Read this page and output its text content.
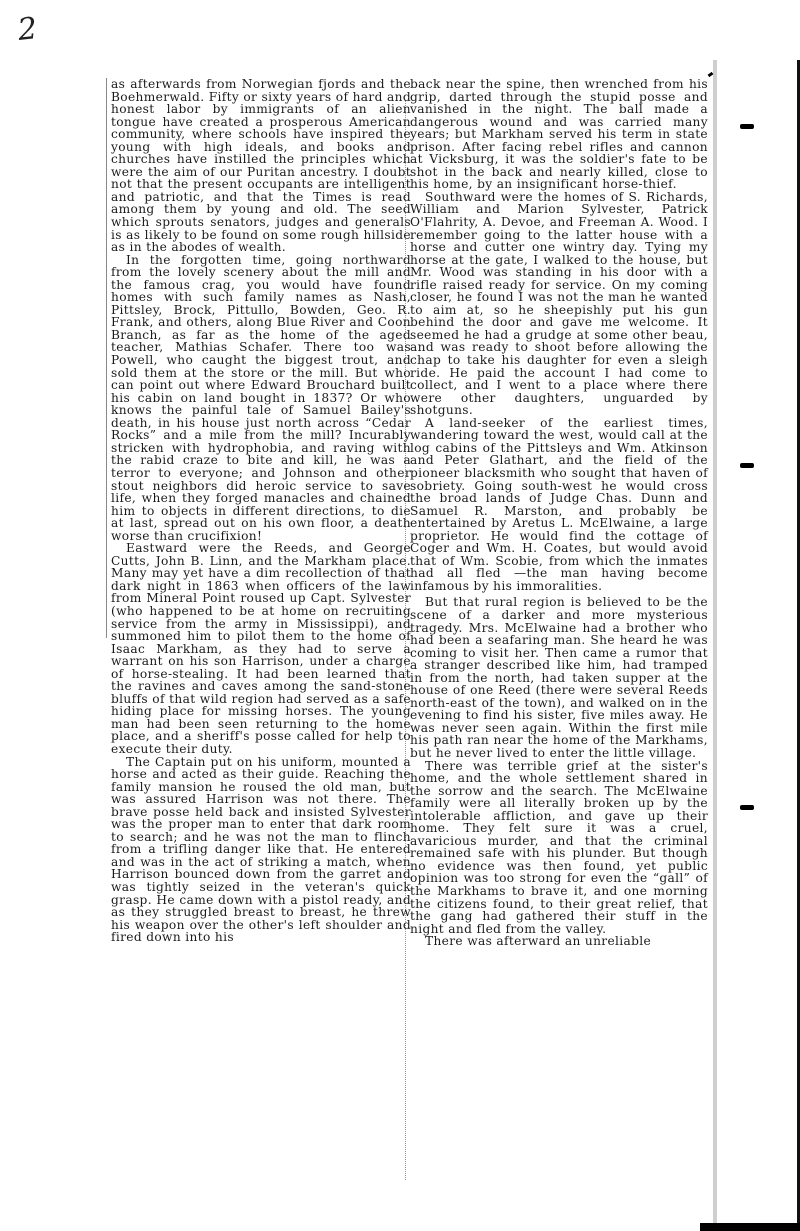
2

as afterwards from Norwegian fjords and the Boehmerwald. Fifty or sixty years of hard and honest labor by immigrants of an alien tongue have created a prosperous American community, where schools have inspired the young with high ideals, and books and churches have instilled the principles which were the aim of our Puritan ancestry. I doubt not that the present occupants are intelligent and patriotic, and that the Times is read among them by young and old. The seed which sprouts senators, judges and generals is as likely to be found on some rough hillside as in the abodes of wealth.

In the forgotten time, going northward from the lovely scenery about the mill and the famous crag, you would have found homes with such family names as Nash, Pittsley, Brock, Pittullo, Bowden, Geo. R. Frank, and others, along Blue River and Coon Branch, as far as the home of the aged teacher, Mathias Schafer. There too was Powell, who caught the biggest trout, and sold them at the store or the mill. But who can point out where Edward Brouchard built his cabin on land bought in 1837? Or who knows the painful tale of Samuel Bailey's death, in his house just north across “Cedar Rocks” and a mile from the mill? Incurably stricken with hydrophobia, and raving with the rabid craze to bite and kill, he was a terror to everyone; and Johnson and other stout neighbors did heroic service to save life, when they forged manacles and chained him to objects in different directions, to die at last, spread out on his own floor, a death worse than crucifixion!

Eastward were the Reeds, and George Cutts, John B. Linn, and the Markham place. Many may yet have a dim recollection of that dark night in 1863 when officers of the law from Mineral Point roused up Capt. Sylvester (who happened to be at home on recruiting service from the army in Mississippi), and summoned him to pilot them to the home of Isaac Markham, as they had to serve a warrant on his son Harrison, under a charge of horse-stealing. It had been learned that the ravines and caves among the sand-stone bluffs of that wild region had served as a safe hiding place for missing horses. The young man had been seen returning to the home place, and a sheriff's posse called for help to execute their duty.

The Captain put on his uniform, mounted a horse and acted as their guide. Reaching the family mansion he roused the old man, but was assured Harrison was not there. The brave posse held back and insisted Sylvester was the proper man to enter that dark room to search; and he was not the man to flinch from a trifling danger like that. He entered and was in the act of striking a match, when Harrison bounced down from the garret and was tightly seized in the veteran's quick grasp. He came down with a pistol ready, and as they struggled breast to breast, he threw his weapon over the other's left shoulder and fired down into his

back near the spine, then wrenched from his grip, darted through the stupid posse and vanished in the night. The ball made a dangerous wound and was carried many years; but Markham served his term in state prison. After facing rebel rifles and cannon at Vicksburg, it was the soldier's fate to be shot in the back and nearly killed, close to his home, by an insignificant horse-thief.

Southward were the homes of S. Richards, William and Marion Sylvester, Patrick O'Flahrity, A. Devoe, and Freeman A. Wood. I remember going to the latter house with a horse and cutter one wintry day. Tying my horse at the gate, I walked to the house, but Mr. Wood was standing in his door with a rifle raised ready for service. On my coming closer, he found I was not the man he wanted to aim at, so he sheepishly put his gun behind the door and gave me welcome. It seemed he had a grudge at some other beau, and was ready to shoot before allowing the chap to take his daughter for even a sleigh ride. He paid the account I had come to collect, and I went to a place where there were other daughters, unguarded by shotguns.

A land-seeker of the earliest times, wandering toward the west, would call at the log cabins of the Pittsleys and Wm. Atkinson and Peter Glathart, and the field of the pioneer blacksmith who sought that haven of sobriety. Going south-west he would cross the broad lands of Judge Chas. Dunn and Samuel R. Marston, and probably be entertained by Aretus L. McElwaine, a large proprietor. He would find the cottage of Coger and Wm. H. Coates, but would avoid that of Wm. Scobie, from which the inmates had all fled —the man having become infamous by his immoralities.

But that rural region is believed to be the scene of a darker and more mysterious tragedy. Mrs. McElwaine had a brother who had been a seafaring man. She heard he was coming to visit her. Then came a rumor that a stranger described like him, had tramped in from the north, had taken supper at the house of one Reed (there were several Reeds north-east of the town), and walked on in the evening to find his sister, five miles away. He was never seen again. Within the first mile his path ran near the home of the Markhams, but he never lived to enter the little village.

There was terrible grief at the sister's home, and the whole settlement shared in the sorrow and the search. The McElwaine family were all literally broken up by the intolerable affliction, and gave up their home. They felt sure it was a cruel, avaricious murder, and that the criminal remained safe with his plunder. But though no evidence was then found, yet public opinion was too strong for even the “gall” of the Markhams to brave it, and one morning the citizens found, to their great relief, that the gang had gathered their stuff in the night and fled from the valley.

There was afterward an unreliable
